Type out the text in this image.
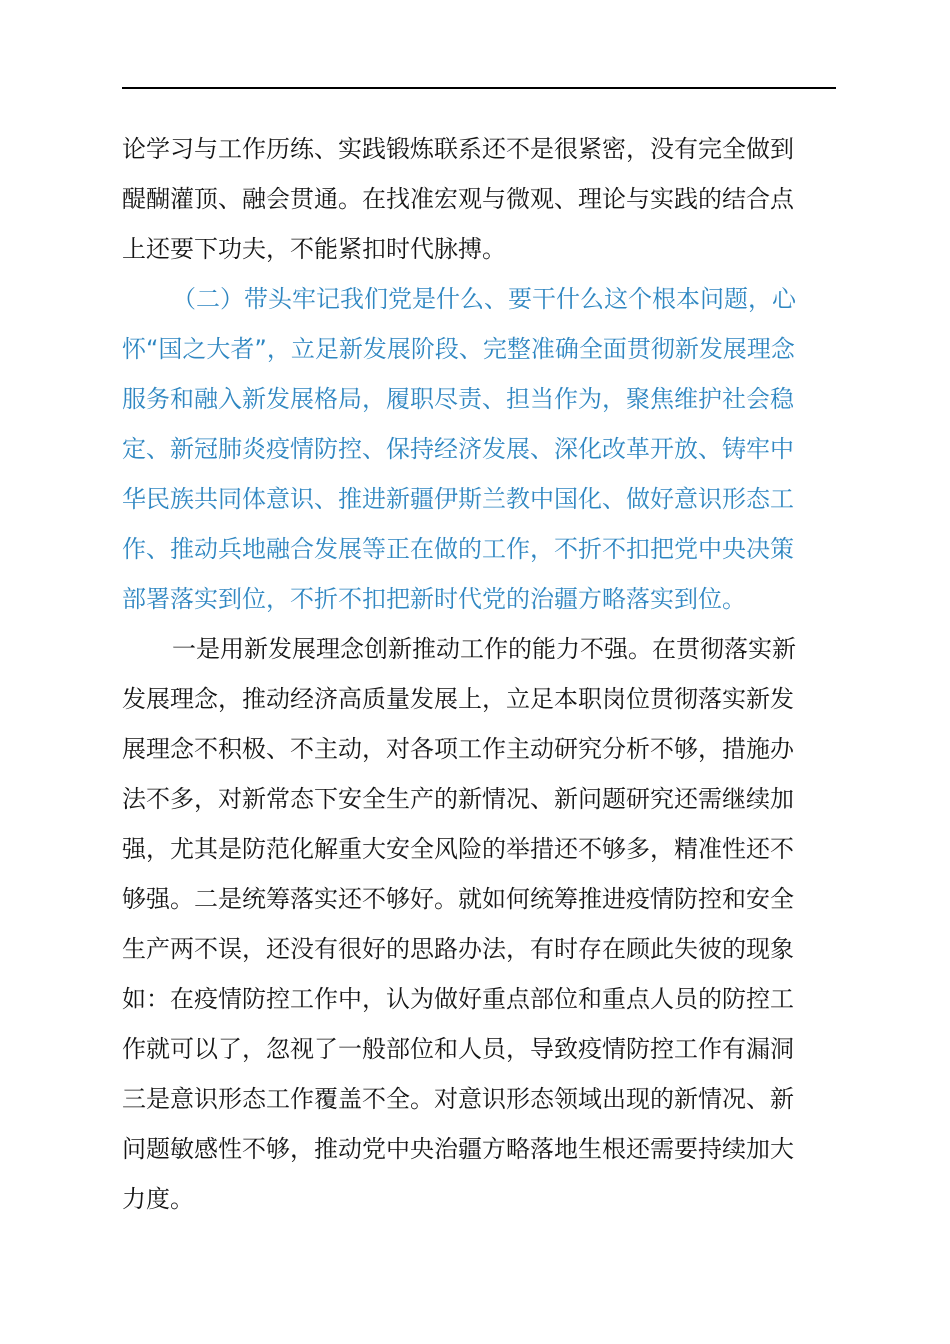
论学习与工作历练、实践锻炼联系还不是很紧密，没有完全做到
醍醐灌顶、融会贯通。在找准宏观与微观、理论与实践的结合点
上还要下功夫，不能紧扣时代脉搏。
（二）带头牢记我们党是什么、要干什么这个根本问题，心
怀“国之大者”，立足新发展阶段、完整准确全面贯彻新发展理念
服务和融入新发展格局，履职尽责、担当作为，聚焦维护社会稳
定、新冠肺炎疫情防控、保持经济发展、深化改革开放、铸牢中
华民族共同体意识、推进新疆伊斯兰教中国化、做好意识形态工
作、推动兵地融合发展等正在做的工作，不折不扣把党中央决策
部署落实到位，不折不扣把新时代党的治疆方略落实到位。
一是用新发展理念创新推动工作的能力不强。在贯彻落实新
发展理念，推动经济高质量发展上，立足本职岗位贯彻落实新发
展理念不积极、不主动，对各项工作主动研究分析不够，措施办
法不多，对新常态下安全生产的新情况、新问题研究还需继续加
强，尤其是防范化解重大安全风险的举措还不够多，精准性还不
够强。二是统筹落实还不够好。就如何统筹推进疫情防控和安全
生产两不误，还没有很好的思路办法，有时存在顾此失彼的现象
如：在疫情防控工作中，认为做好重点部位和重点人员的防控工
作就可以了，忽视了一般部位和人员，导致疫情防控工作有漏洞
三是意识形态工作覆盖不全。对意识形态领域出现的新情况、新
问题敏感性不够，推动党中央治疆方略落地生根还需要持续加大
力度。
